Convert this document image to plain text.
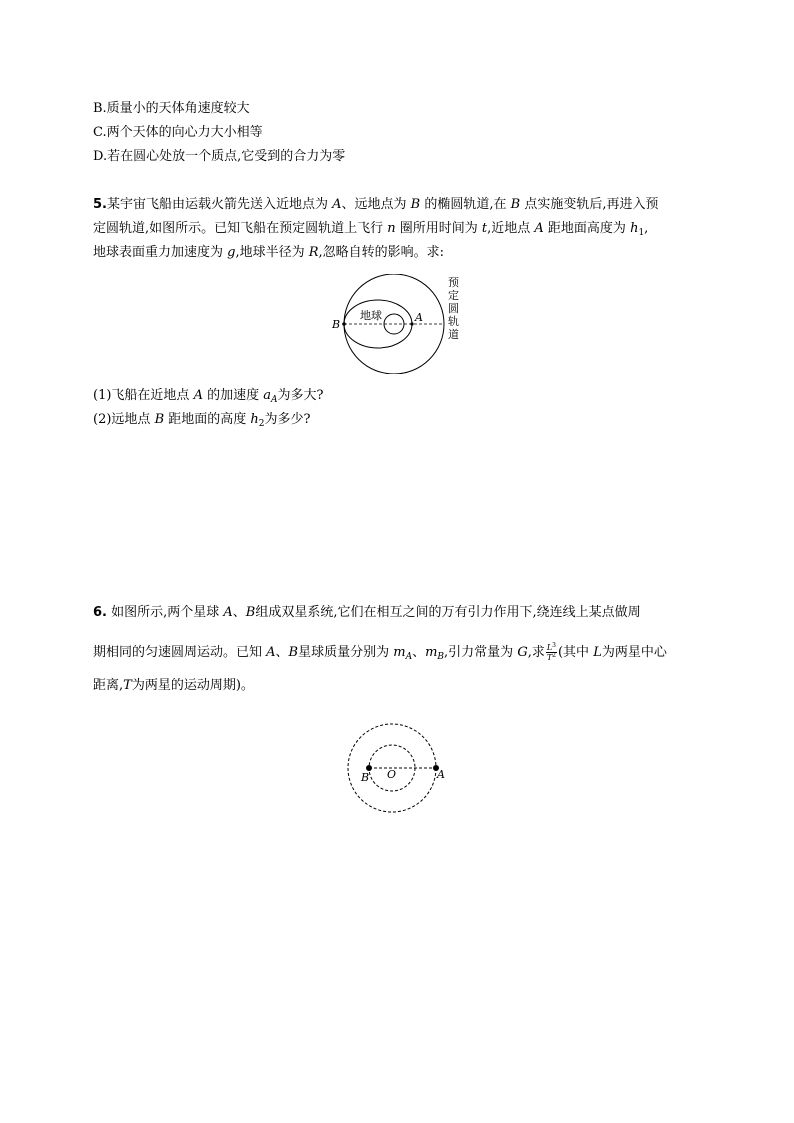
B.质量小的天体角速度较大
C.两个天体的向心力大小相等
D.若在圆心处放一个质点,它受到的合力为零
5.某宇宙飞船由运载火箭先送入近地点为 A、远地点为 B 的椭圆轨道,在 B 点实施变轨后,再进入预
定圆轨道,如图所示。已知飞船在预定圆轨道上飞行 n 圈所用时间为 t,近地点 A 距地面高度为 $h_1$,
地球表面重力加速度为 g,地球半径为 R,忽略自转的影响。求:
地球
B
A
预
定
圆
轨
道
(1)飞船在近地点 A 的加速度 $a_A$为多大?
(2)远地点 B 距地面的高度 $h_2$为多少?
6. 如图所示,两个星球 A、B组成双星系统,它们在相互之间的万有引力作用下,绕连线上某点做周
期相同的匀速圆周运动。已知 A、B星球质量分别为 $m_A$、$m_B$,引力常量为 G,求 $\frac{L^3}{T^2}$ (其中 L为两星中心
距离,T为两星的运动周期)。
B O	A
